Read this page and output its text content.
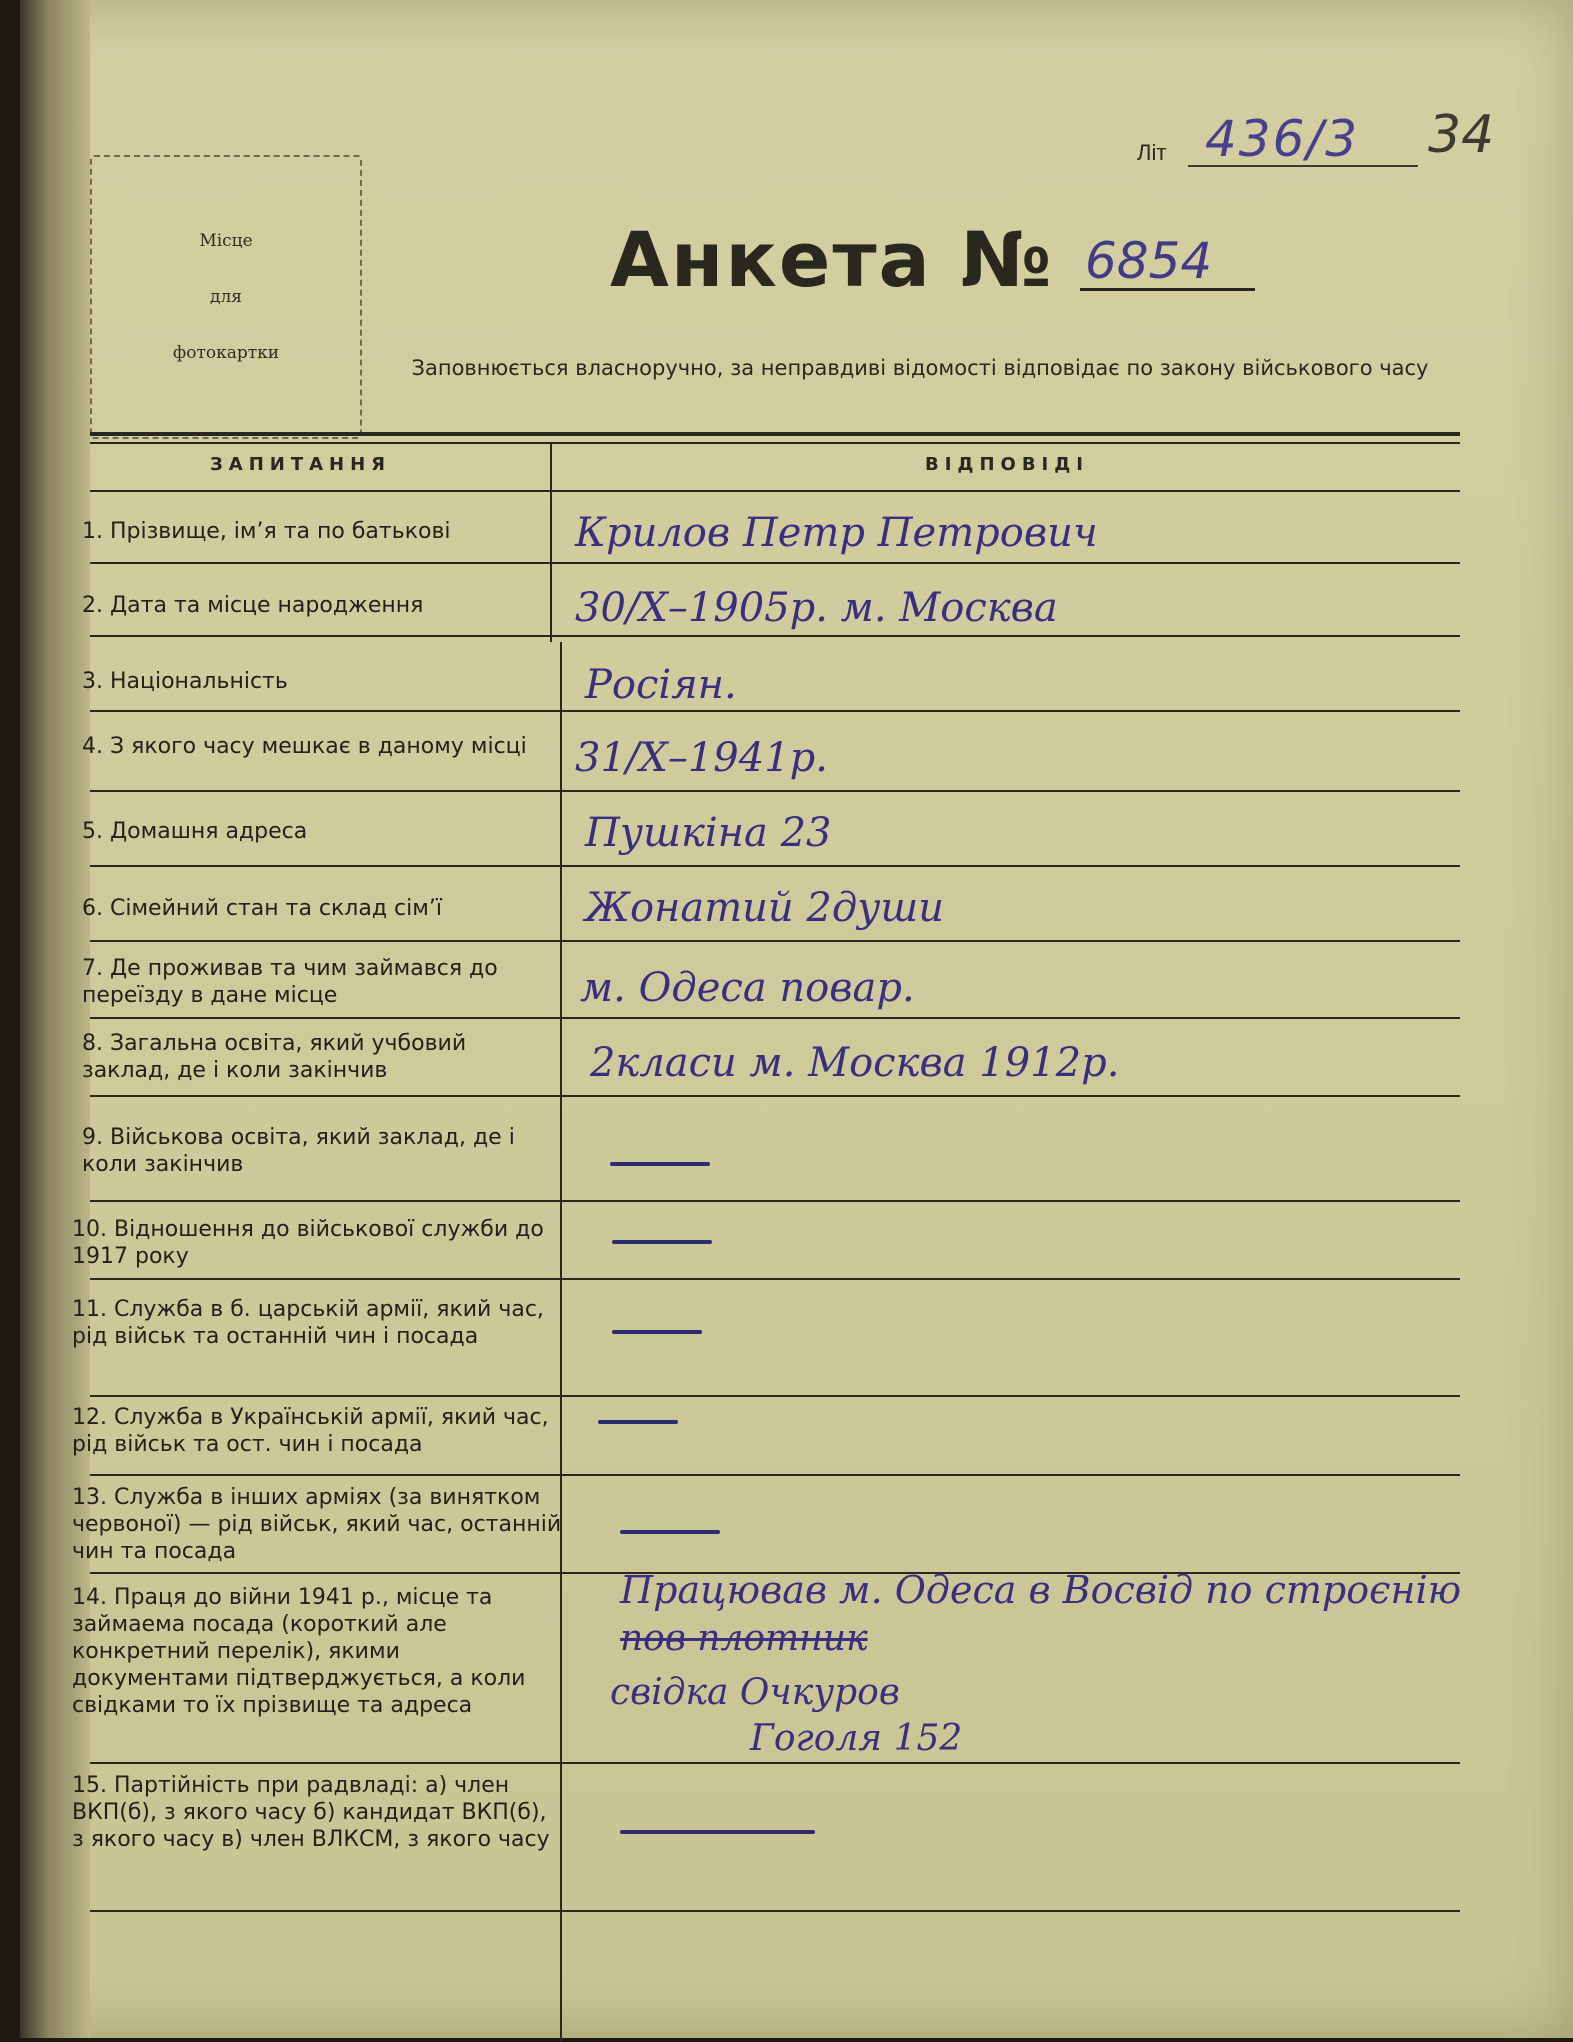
Місце
для
фотокартки
Літ 436/3 34
Анкета № 6854
Заповнюється власноручно, за неправдиві відомості відповідає по закону військового часу
ЗАПИТАННЯ	ВІДПОВІДІ
1. Прізвище, ім’я та по батькові
2. Дата та місце народження
3. Національність
4. З якого часу мешкає в даному місці
5. Домашня адреса
6. Сімейний стан та склад сім’ї
7. Де проживав та чим займався до переїзду в дане місце
8. Загальна освіта, який учбовий заклад, де і коли закінчив
9. Військова освіта, який заклад, де і коли закінчив
10. Відношення до військової служби до 1917 року
11. Служба в б. царській армії, який час, рід військ та останній чин і посада
12. Служба в Українській армії, який час, рід військ та ост. чин і посада
13. Служба в інших арміях (за винятком червоної) — рід військ, який час, останній чин та посада
14. Праця до війни 1941 р., місце та займаема посада (короткий але конкретний перелік), якими документами підтверджується, а коли свідками то їх прізвище та адреса
15. Партійність при радвладі: а) член ВКП(б), з якого часу б) кандидат ВКП(б), з якого часу в) член ВЛКСМ, з якого часу
Крилов Петр Петрович
30/X–1905р. м. Москва
Росіян.
31/X–1941р.
Пушкіна 23
Жонатий 2души
м. Одеса повар.
2класи м. Москва 1912р.
Працював м. Одеса в Восвід по строєнію
пов плотник
свідка Очкуров
Гоголя 152
